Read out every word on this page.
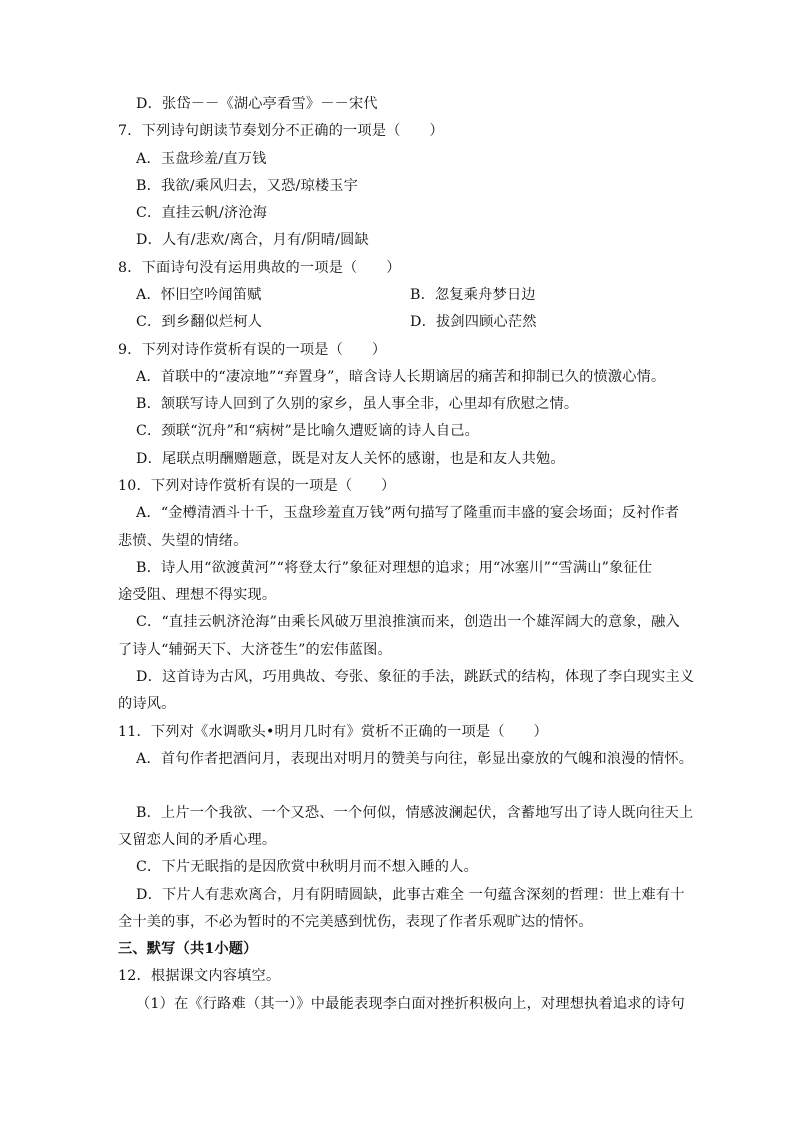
D．张岱－－《湖心亭看雪》－－宋代
7．下列诗句朗读节奏划分不正确的一项是（　　）
A．玉盘珍羞/直万钱
B．我欲/乘风归去，又恐/琼楼玉宇
C．直挂云帆/济沧海
D．人有/悲欢/离合，月有/阴晴/圆缺
8．下面诗句没有运用典故的一项是（　　）
A．怀旧空吟闻笛赋	B．忽复乘舟梦日边
C．到乡翻似烂柯人	D．拔剑四顾心茫然
9．下列对诗作赏析有误的一项是（　　）
A．首联中的“凄凉地”“弃置身”，暗含诗人长期谪居的痛苦和抑制已久的愤激心情。
B．颔联写诗人回到了久别的家乡，虽人事全非，心里却有欣慰之情。
C．颈联“沉舟”和“病树”是比喻久遭贬谪的诗人自己。
D．尾联点明酬赠题意，既是对友人关怀的感谢，也是和友人共勉。
10．下列对诗作赏析有误的一项是（　　）
A．“金樽清酒斗十千，玉盘珍羞直万钱”两句描写了隆重而丰盛的宴会场面；反衬作者
悲愤、失望的情绪。
B．诗人用“欲渡黄河”“将登太行”象征对理想的追求；用“冰塞川”“雪满山”象征仕
途受阻、理想不得实现。
C．“直挂云帆济沧海”由乘长风破万里浪推演而来，创造出一个雄浑阔大的意象，融入
了诗人“辅弼天下、大济苍生”的宏伟蓝图。
D．这首诗为古风，巧用典故、夸张、象征的手法，跳跃式的结构，体现了李白现实主义
的诗风。
11．下列对《水调歌头•明月几时有》赏析不正确的一项是（　　）
A．首句作者把酒问月，表现出对明月的赞美与向往，彰显出豪放的气魄和浪漫的情怀。
B．上片一个我欲、一个又恐、一个何似，情感波澜起伏，含蓄地写出了诗人既向往天上
又留恋人间的矛盾心理。
C．下片无眠指的是因欣赏中秋明月而不想入睡的人。
D．下片人有悲欢离合，月有阴晴圆缺，此事古难全 一句蕴含深刻的哲理：世上难有十
全十美的事，不必为暂时的不完美感到忧伤，表现了作者乐观旷达的情怀。
三、默写（共1小题）
12．根据课文内容填空。
（1）在《行路难（其一）》中最能表现李白面对挫折积极向上，对理想执着追求的诗句
